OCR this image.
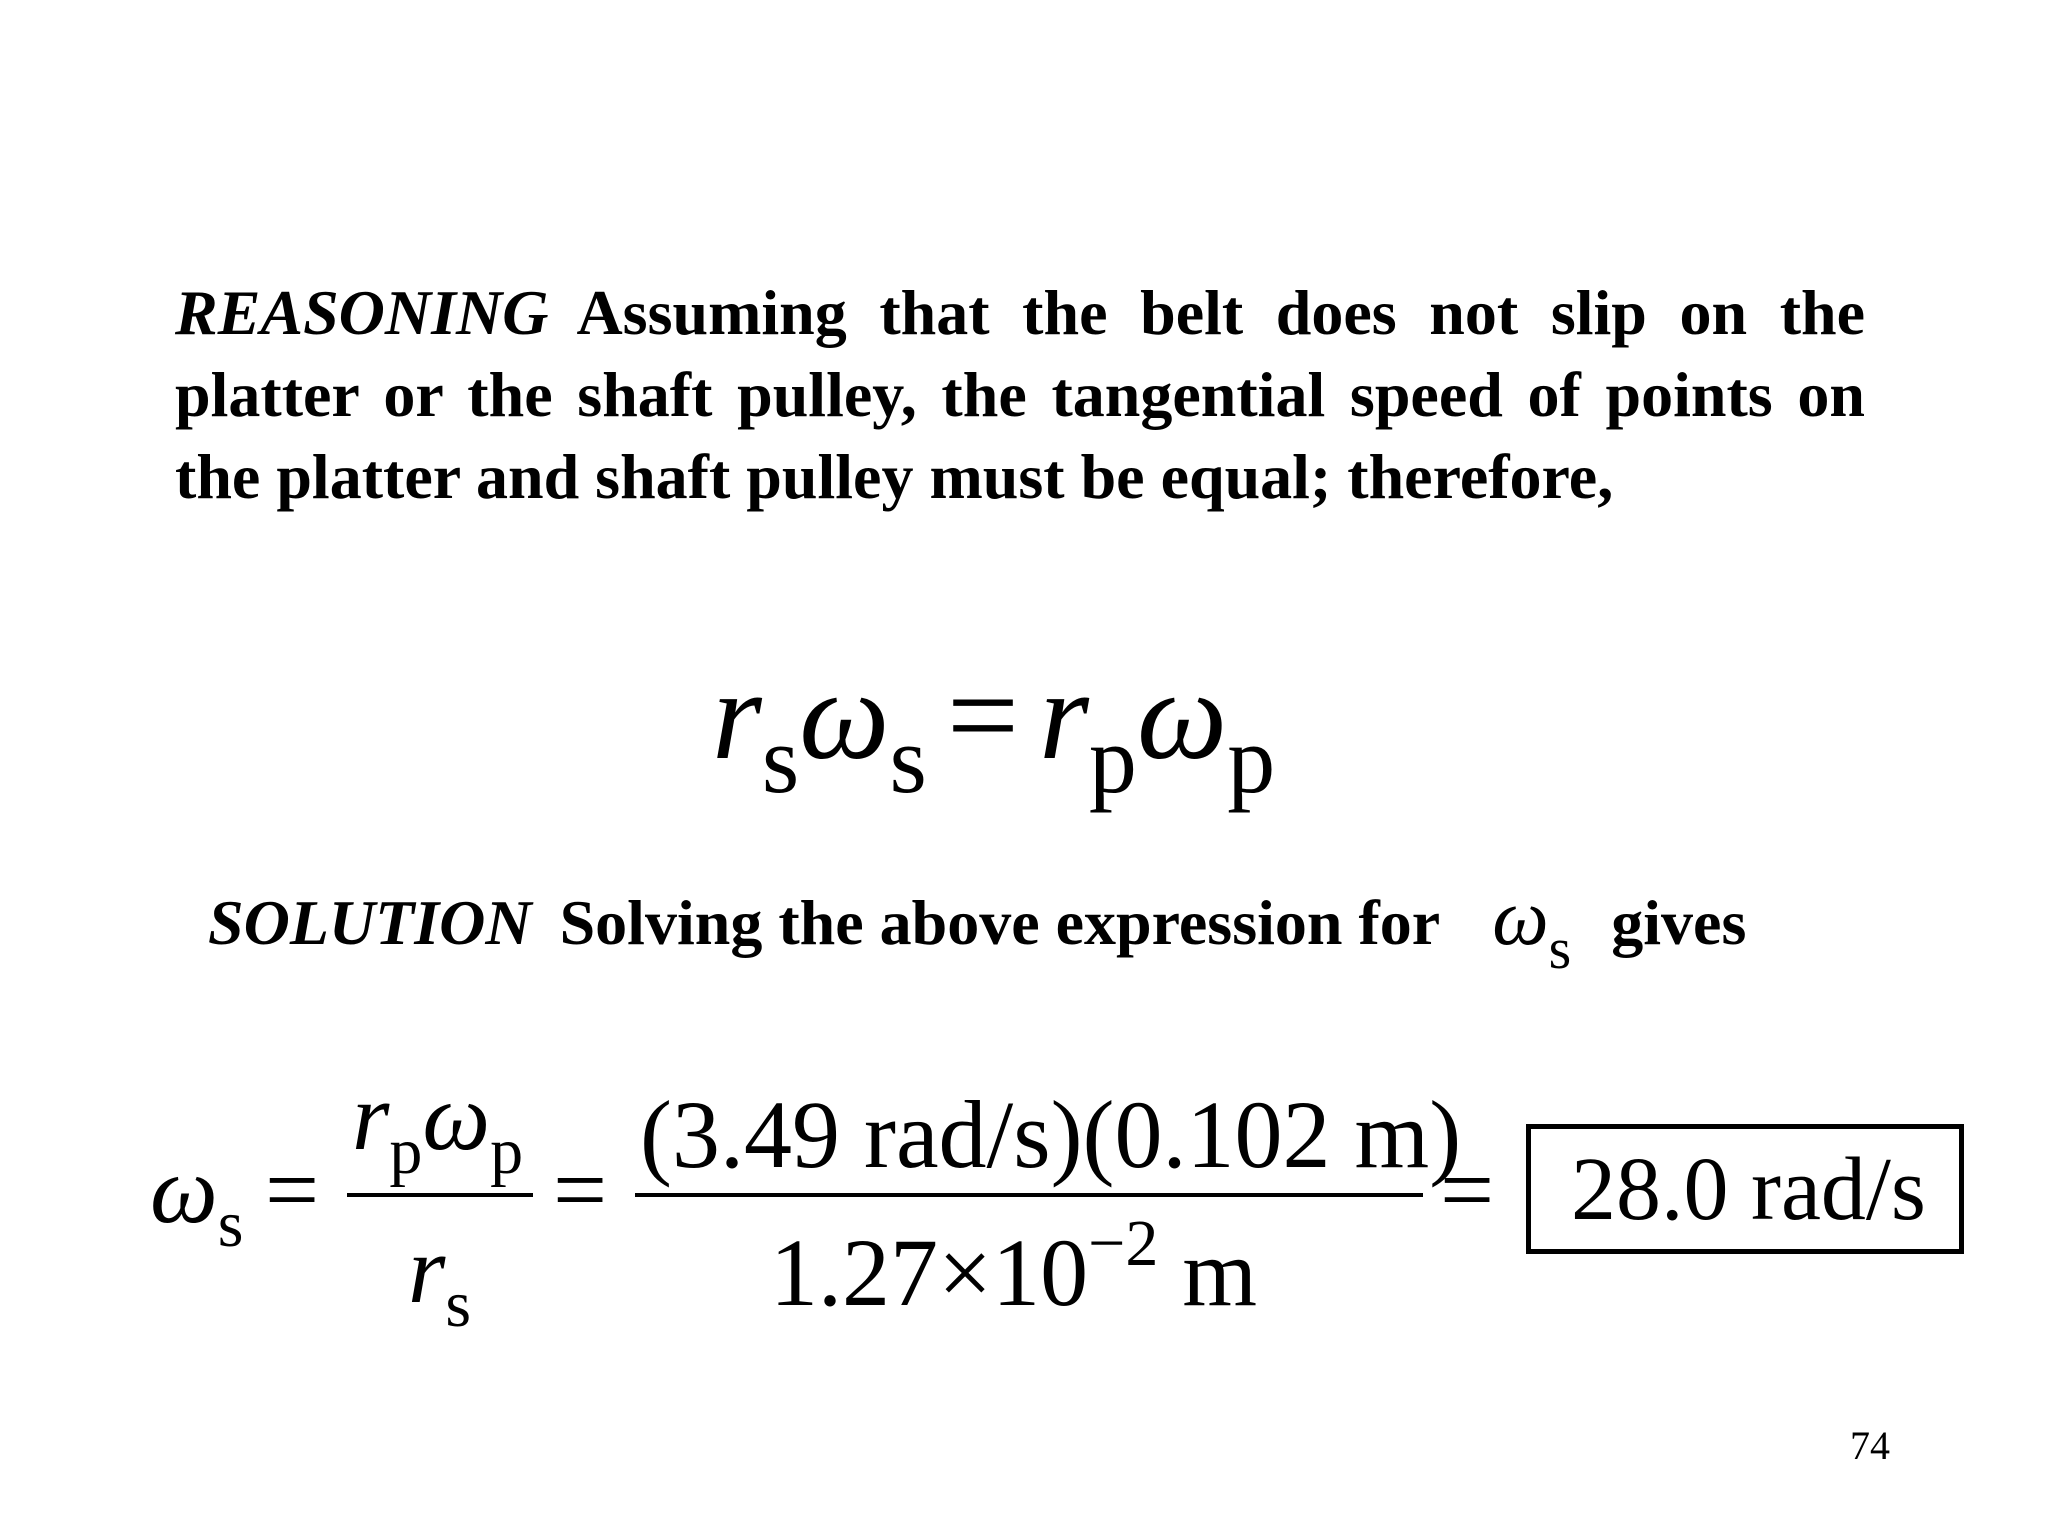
REASONING Assuming that the belt does not slip on the platter or the shaft pulley, the tangential speed of points on the platter and shaft pulley must be equal; therefore,
$r_s\omega_s = r_p\omega_p$
SOLUTION Solving the above expression for $\omega_s$ gives
$\omega_s$ =
$r_p\omega_p$
$r_s$
=
(3.49 rad/s)(0.102 m)
$1.27\times 10^{-2}$ m
= 28.0 rad/s
74
